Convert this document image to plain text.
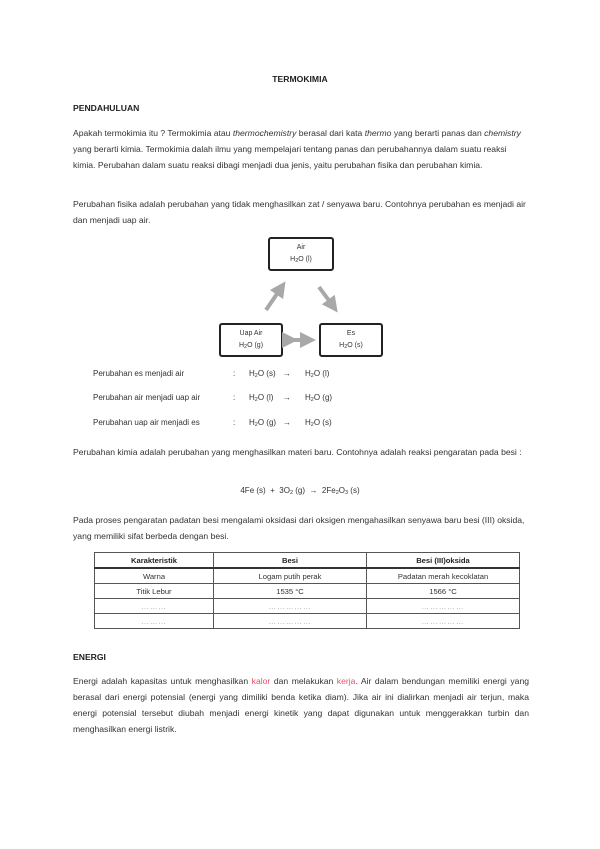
TERMOKIMIA
PENDAHULUAN
Apakah termokimia itu ? Termokimia atau thermochemistry berasal dari kata thermo yang berarti panas dan chemistry yang berarti kimia. Termokimia dalah ilmu yang mempelajari tentang panas dan perubahannya dalam suatu reaksi kimia. Perubahan dalam suatu reaksi dibagi menjadi dua jenis, yaitu perubahan fisika dan perubahan kimia.
Perubahan fisika adalah perubahan yang tidak menghasilkan zat / senyawa baru. Contohnya perubahan es menjadi air dan menjadi uap air.
Air
$H_2O$ (l)
Uap Air
$H_2O$ (g)
Es
$H_2O$ (s)
Perubahan es menjadi air	: $H_2O$ $(s) \to H_2O$ (l)
Perubahan air menjadi uap air	: $H_2O$ $(l) \to H_2O$ (g)
Perubahan uap air menjadi es	: $H_2O$ $(g) \to H_2O$ (s)
Perubahan kimia adalah perubahan yang menghasilkan materi baru. Contohnya adalah reaksi pengaratan pada besi :
4Fe $(s) + 3O_2$ $(g) \to 2Fe_2O_3$ (s)
Pada proses pengaratan padatan besi mengalami oksidasi dari oksigen mengahasilkan senyawa baru besi (III) oksida, yang memiliki sifat berbeda dengan besi.
Karakteristik	Besi	Besi (III)oksida
Warna	Logam putih perak	Padatan merah kecoklatan
Titik Lebur	1535 °C	1566 °C
………	……………	……………
………	……………	……………
ENERGI
Energi adalah kapasitas untuk menghasilkan kalor dan melakukan kerja. Air dalam bendungan memiliki energi yang berasal dari energi potensial (energi yang dimiliki benda ketika diam). Jika air ini dialirkan menjadi air terjun, maka energi potensial tersebut diubah menjadi energi kinetik yang dapat digunakan untuk menggerakkan turbin dan menghasilkan energi listrik.
